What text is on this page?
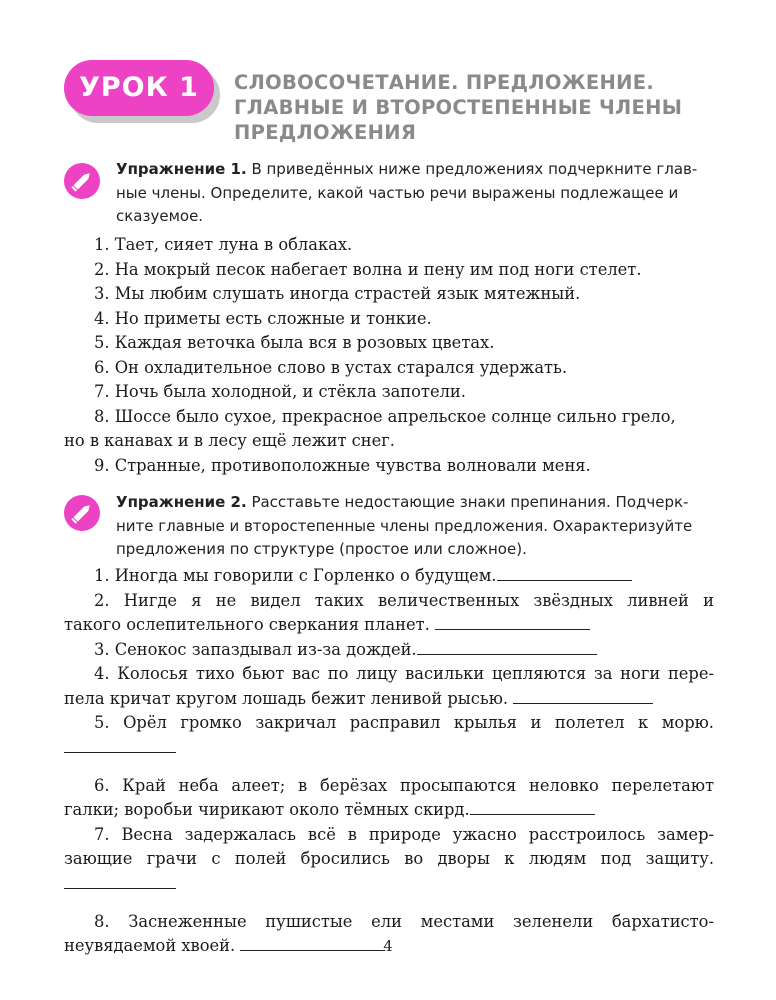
УРОК 1	СЛОВОСОЧЕТАНИЕ. ПРЕДЛОЖЕНИЕ.
ГЛАВНЫЕ И ВТОРОСТЕПЕННЫЕ ЧЛЕНЫ
ПРЕДЛОЖЕНИЯ
Упражнение 1. В приведённых ниже предложениях подчеркните глав-
ные члены. Определите, какой частью речи выражены подлежащее и
сказуемое.
1. Тает, сияет луна в облаках.
2. На мокрый песок набегает волна и пену им под ноги стелет.
3. Мы любим слушать иногда страстей язык мятежный.
4. Но приметы есть сложные и тонкие.
5. Каждая веточка была вся в розовых цветах.
6. Он охладительное слово в устах старался удержать.
7. Ночь была холодной, и стёкла запотели.
8. Шоссе было сухое, прекрасное апрельское солнце сильно грело,
но в канавах и в лесу ещё лежит снег.
9. Странные, противоположные чувства волновали меня.
Упражнение 2. Расставьте недостающие знаки препинания. Подчерк-
ните главные и второстепенные члены предложения. Охарактеризуйте
предложения по структуре (простое или сложное).
1. Иногда мы говорили с Горленко о будущем.
2. Нигде я не видел таких величественных звёздных ливней и
такого ослепительного сверкания планет.
3. Сенокос запаздывал из-за дождей.
4. Колосья тихо бьют вас по лицу васильки цепляются за ноги пере-
пела кричат кругом лошадь бежит ленивой рысью.
5. Орёл громко закричал расправил крылья и полетел к морю.
6. Край неба алеет; в берёзах просыпаются неловко перелетают
галки; воробьи чирикают около тёмных скирд.
7. Весна задержалась всё в природе ужасно расстроилось замер-
зающие грачи с полей бросились во дворы к людям под защиту.
8. Заснеженные пушистые ели местами зеленели бархатисто-
неувядаемой хвоей.	4
